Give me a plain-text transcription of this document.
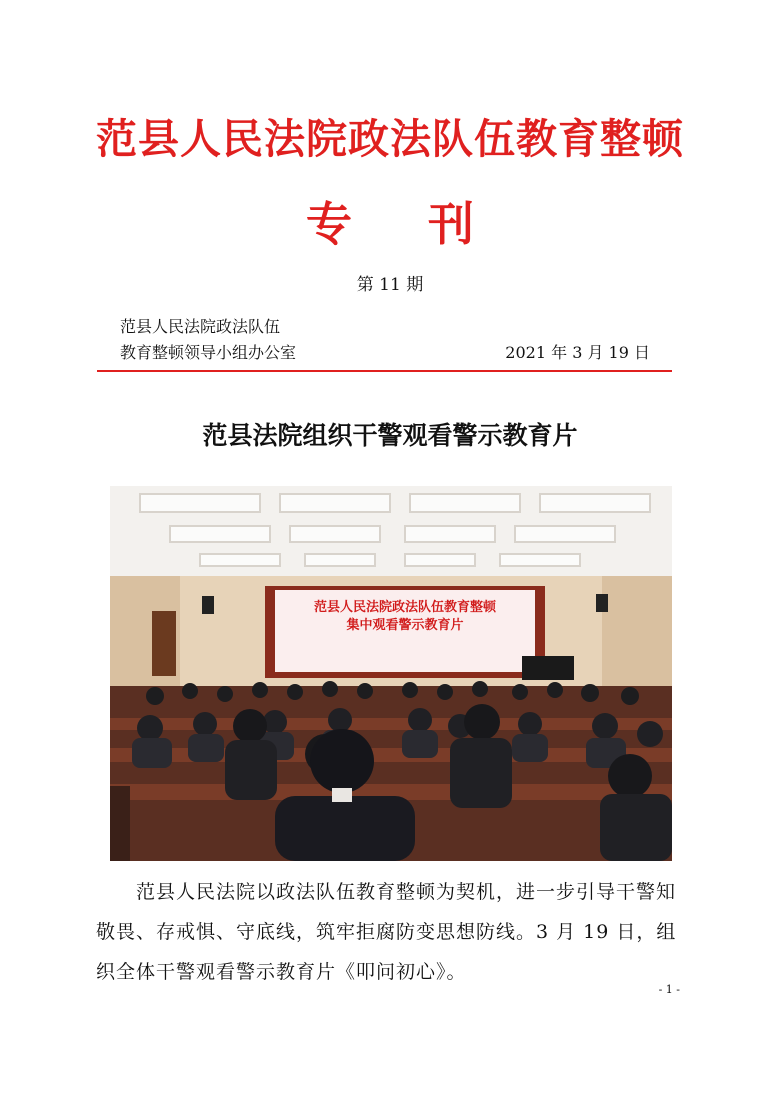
范县人民法院政法队伍教育整顿
专 刊
第 11 期
范县人民法院政法队伍
教育整顿领导小组办公室	2021 年 3 月 19 日
范县法院组织干警观看警示教育片
范县人民法院政法队伍教育整顿
集中观看警示教育片
范县人民法院以政法队伍教育整顿为契机，进一步引导干警知敬畏、存戒惧、守底线，筑牢拒腐防变思想防线。3 月 19 日，组织全体干警观看警示教育片《叩问初心》。
- 1 -
